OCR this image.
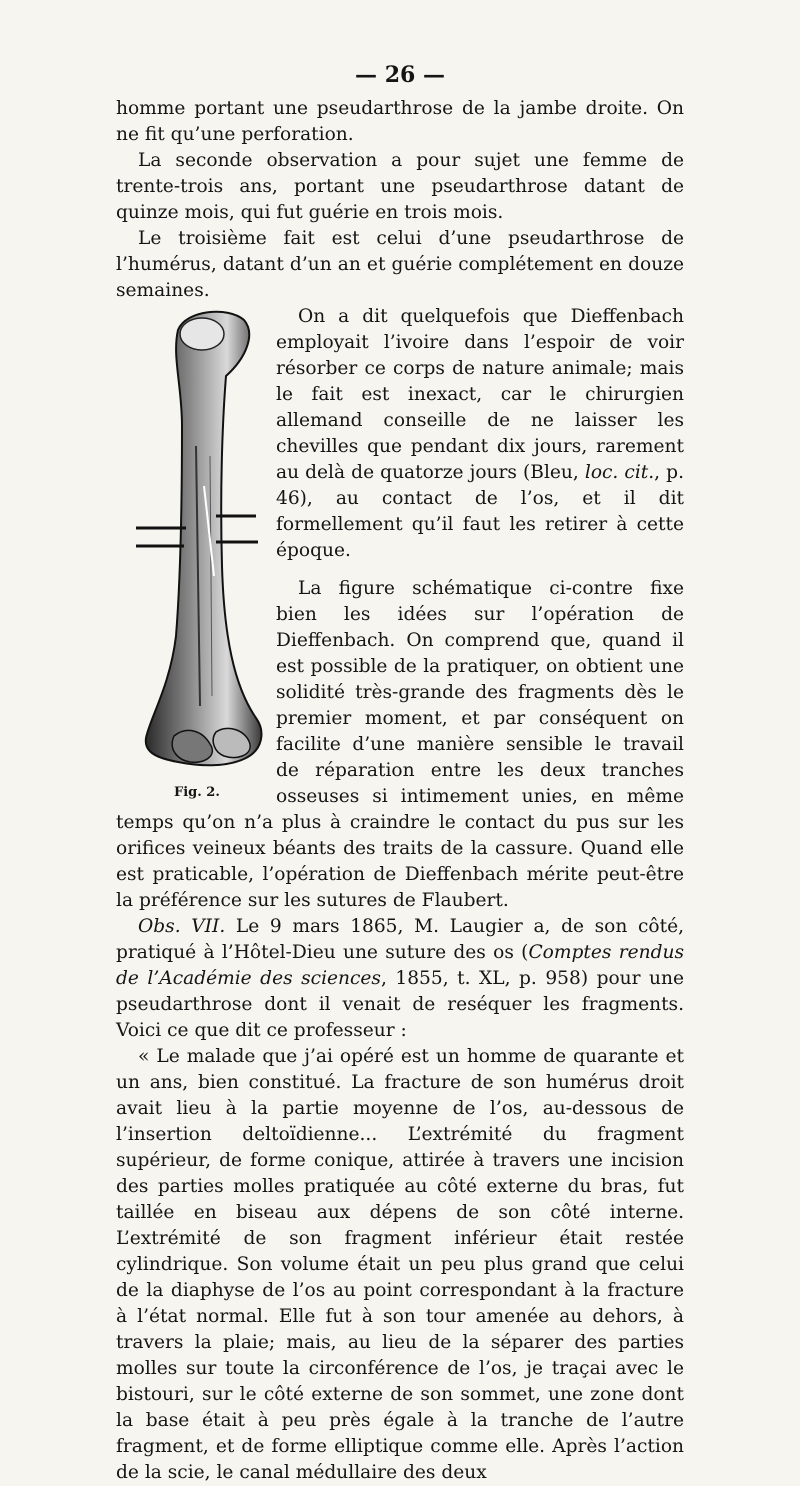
— 26 —

homme portant une pseudarthrose de la jambe droite. On ne fit qu’une perforation.

La seconde observation a pour sujet une femme de trente-trois ans, portant une pseudarthrose datant de quinze mois, qui fut guérie en trois mois.

Le troisième fait est celui d’une pseudarthrose de l’humérus, datant d’un an et guérie complétement en douze semaines.

Fig. 2.

On a dit quelquefois que Dieffenbach employait l’ivoire dans l’espoir de voir résorber ce corps de nature animale; mais le fait est inexact, car le chirurgien allemand conseille de ne laisser les chevilles que pendant dix jours, rarement au delà de quatorze jours (Bleu, loc. cit., p. 46), au contact de l’os, et il dit formellement qu’il faut les retirer à cette époque.

La figure schématique ci-contre fixe bien les idées sur l’opération de Dieffenbach. On comprend que, quand il est possible de la pratiquer, on obtient une solidité très-grande des fragments dès le premier moment, et par conséquent on facilite d’une manière sensible le travail de réparation entre les deux tranches osseuses si intimement unies, en même temps qu’on n’a plus à craindre le contact du pus sur les orifices veineux béants des traits de la cassure. Quand elle est praticable, l’opération de Dieffenbach mérite peut-être la préférence sur les sutures de Flaubert.

Obs. VII. Le 9 mars 1865, M. Laugier a, de son côté, pratiqué à l’Hôtel-Dieu une suture des os (Comptes rendus de l’Académie des sciences, 1855, t. XL, p. 958) pour une pseudarthrose dont il venait de reséquer les fragments. Voici ce que dit ce professeur :

« Le malade que j’ai opéré est un homme de quarante et un ans, bien constitué. La fracture de son humérus droit avait lieu à la partie moyenne de l’os, au-dessous de l’insertion deltoïdienne... L’extrémité du fragment supérieur, de forme conique, attirée à travers une incision des parties molles pratiquée au côté externe du bras, fut taillée en biseau aux dépens de son côté interne. L’extrémité de son fragment inférieur était restée cylindrique. Son volume était un peu plus grand que celui de la diaphyse de l’os au point correspondant à la fracture à l’état normal. Elle fut à son tour amenée au dehors, à travers la plaie; mais, au lieu de la séparer des parties molles sur toute la circonférence de l’os, je traçai avec le bistouri, sur le côté externe de son sommet, une zone dont la base était à peu près égale à la tranche de l’autre fragment, et de forme elliptique comme elle. Après l’action de la scie, le canal médullaire des deux
